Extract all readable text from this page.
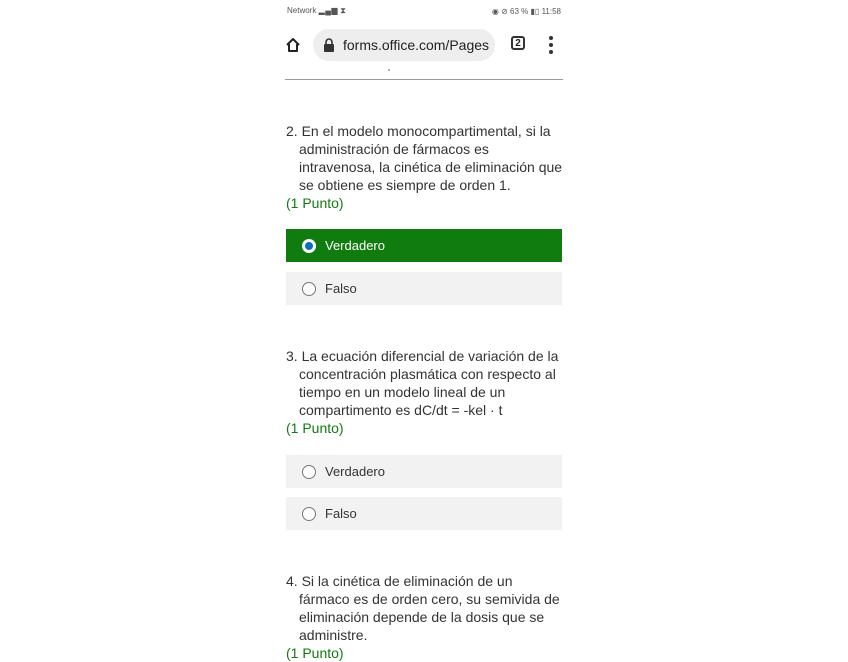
Network ▂▄▆ ⧗	◉ ⊘ 63 % ▮▯ 11:58
forms.office.com/Pages	2
2. En el modelo monocompartimental, si la administración de fármacos es intravenosa, la cinética de eliminación que se obtiene es siempre de orden 1.
(1 Punto)
Verdadero
Falso
3. La ecuación diferencial de variación de la concentración plasmática con respecto al tiempo en un modelo lineal de un compartimento es dC/dt = -kel · t
(1 Punto)
Verdadero
Falso
4. Si la cinética de eliminación de un fármaco es de orden cero, su semivida de eliminación depende de la dosis que se administre.
(1 Punto)
